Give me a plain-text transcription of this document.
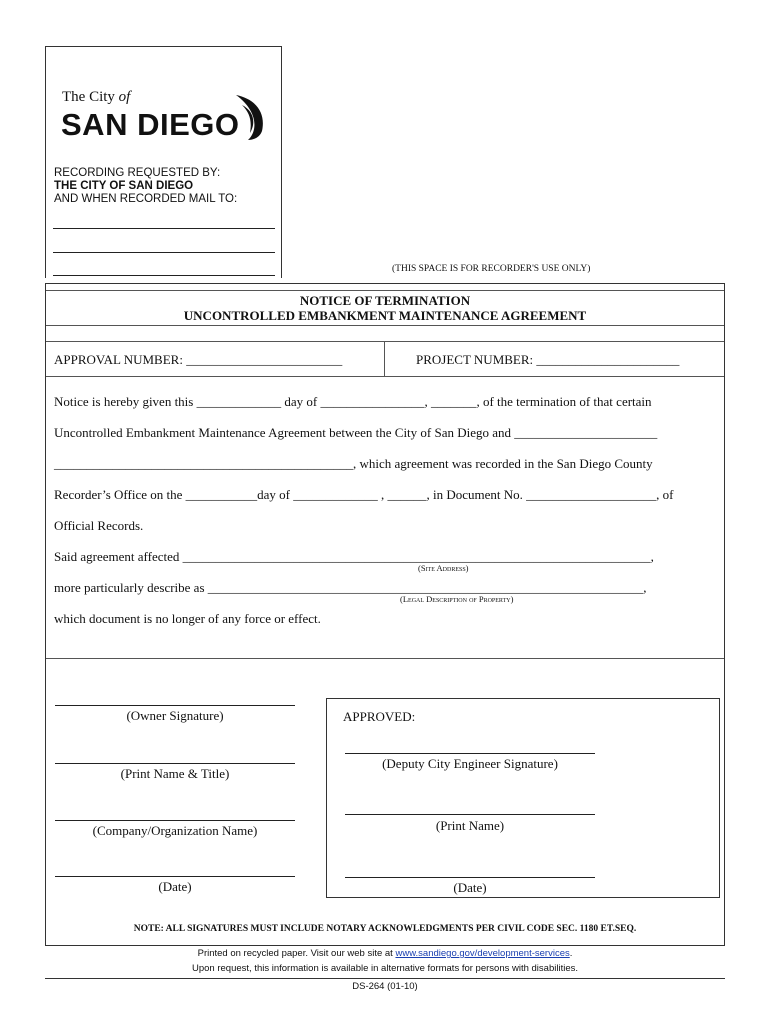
The City of
SAN DIEGO
RECORDING REQUESTED BY:
THE CITY OF SAN DIEGO
AND WHEN RECORDED MAIL TO:
(THIS SPACE IS FOR RECORDER'S USE ONLY)
NOTICE OF TERMINATION
UNCONTROLLED EMBANKMENT MAINTENANCE AGREEMENT
APPROVAL NUMBER: ________________________	PROJECT NUMBER: ______________________
Notice is hereby given this _____________ day of ________________, _______, of the termination of that certain
Uncontrolled Embankment Maintenance Agreement between the City of San Diego and ______________________
______________________________________________, which agreement was recorded in the San Diego County
Recorder’s Office on the ___________day of _____________ , ______, in Document No. ____________________, of
Official Records.
Said agreement affected ________________________________________________________________________,
(Site Address)
more particularly describe as ___________________________________________________________________,
(Legal Description of Property)
which document is no longer of any force or effect.
(Owner Signature)
(Print Name & Title)
(Company/Organization Name)
(Date)
APPROVED:
(Deputy City Engineer Signature)
(Print Name)
(Date)
NOTE: ALL SIGNATURES MUST INCLUDE NOTARY ACKNOWLEDGMENTS PER CIVIL CODE SEC. 1180 ET.SEQ.
Printed on recycled paper. Visit our web site at www.sandiego.gov/development-services.
Upon request, this information is available in alternative formats for persons with disabilities.
DS-264 (01-10)
